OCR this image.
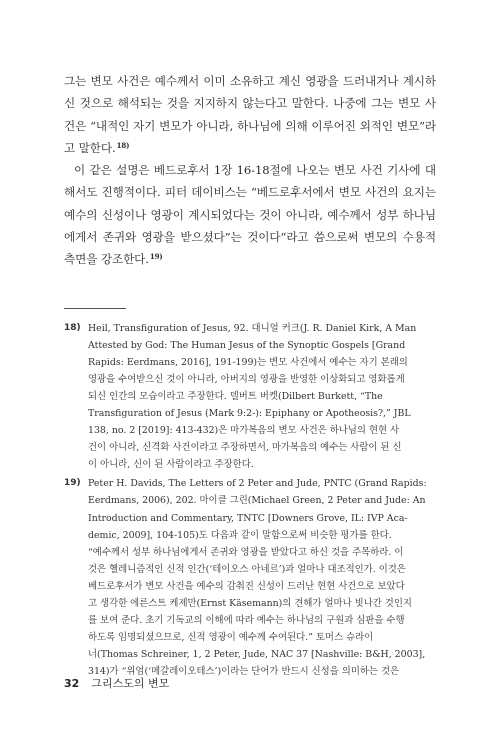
그는 변모 사건은 예수께서 이미 소유하고 계신 영광을 드러내거나 계시하신 것으로 해석되는 것을 지지하지 않는다고 말한다. 나중에 그는 변모 사건은 “내적인 자기 변모가 아니라, 하나님에 의해 이루어진 외적인 변모”라고 말한다.$^{18)}$

이 같은 설명은 베드로후서 1장 16-18절에 나오는 변모 사건 기사에 대해서도 진행적이다. 피터 데이비스는 “베드로후서에서 변모 사건의 요지는 예수의 신성이나 영광이 계시되었다는 것이 아니라, 예수께서 성부 하나님에게서 존귀와 영광을 받으셨다”는 것이다“라고 씀으로써 변모의 수용적 측면을 강조한다.$^{19)}$

18) Heil, Transfiguration of Jesus, 92. 대니얼 커크(J. R. Daniel Kirk, A Man
Attested by God: The Human Jesus of the Synoptic Gospels [Grand
Rapids: Eerdmans, 2016], 191-199)는 변모 사건에서 예수는 자기 본래의
영광을 수여받으신 것이 아니라, 아버지의 영광을 반영한 이상화되고 영화롭게
되신 인간의 모습이라고 주장한다. 델버트 버켓(Dilbert Burkett, “The
Transfiguration of Jesus (Mark 9:2-): Epiphany or Apotheosis?,” JBL
138, no. 2 [2019]: 413-432)은 마가복음의 변모 사건은 하나님의 현현 사
건이 아니라, 신격화 사건이라고 주장하면서, 마가복음의 예수는 사람이 된 신
이 아니라, 신이 된 사람이라고 주장한다.
19) Peter H. Davids, The Letters of 2 Peter and Jude, PNTC (Grand Rapids:
Eerdmans, 2006), 202. 마이클 그린(Michael Green, 2 Peter and Jude: An
Introduction and Commentary, TNTC [Downers Grove, IL: IVP Aca-
demic, 2009], 104-105)도 다음과 같이 말함으로써 비슷한 평가를 한다.
“예수께서 성부 하나님에게서 존귀와 영광을 받았다고 하신 것을 주목하라. 이
것은 헬레니즘적인 신적 인간(‘테이오스 아네르’)과 얼마나 대조적인가. 이것은
베드로후서가 변모 사건을 예수의 감춰진 신성이 드러난 현현 사건으로 보았다
고 생각한 에른스트 케제만(Ernst Käsemann)의 견해가 얼마나 빗나간 것인지
를 보여 준다. 초기 기독교의 이해에 따라 예수는 하나님의 구원과 심판을 수행
하도록 임명되셨으므로, 신적 영광이 예수께 수여된다.” 토머스 슈라이
너(Thomas Schreiner, 1, 2 Peter, Jude, NAC 37 [Nashville: B&H, 2003],
314)가 “위엄(‘메갈레이오테스’)이라는 단어가 반드시 신성을 의미하는 것은
32 그리스도의 변모
